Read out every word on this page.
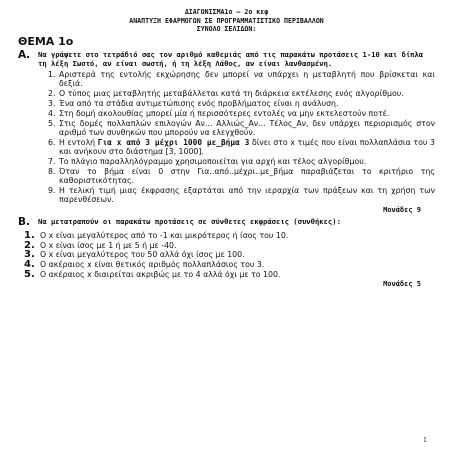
ΔΙΑΓΩΝΙΣΜΑ1ο – 2ο κεφ
ΑΝΑΠΤΥΞΗ ΕΦΑΡΜΟΓΩΝ ΣΕ ΠΡΟΓΡΑΜΜΑΤΙΣΤΙΚΟ ΠΕΡΙΒΑΛΛΟΝ
ΣΥΝΟΛΟ ΣΕΛΙΔΩΝ:
ΘΕΜΑ 1ο
Α.	Να γράψετε στο τετράδιό σας τον αριθμό καθεμιάς από τις παρακάτω προτάσεις 1-10 και δίπλα τη λέξη Σωστό, αν είναι σωστή, ή τη λέξη Λάθος, αν είναι λανθασμένη.
1. Αριστερά της εντολής εκχώρησης δεν μπορεί να υπάρχει η μεταβλητή που βρίσκεται και δεξιά.
2. Ο τύπος μιας μεταβλητής μεταβάλλεται κατά τη διάρκεια εκτέλεσης ενός αλγορίθμου.
3. Ένα από τα στάδια αντιμετώπισης ενός προβλήματος είναι η ανάλυση.
4. Στη δομή ακολουθίας μπορεί μία ή περισσότερες εντολές να μην εκτελεστούν ποτέ.
5. Στις δομές πολλαπλών επιλογών Αν... Αλλιώς_Αν... Τέλος_Αν, δεν υπάρχει περιορισμός στον αριθμό των συνθηκών που μπορούν να ελεγχθούν.
6. Η εντολή Για x από 3 μέχρι 1000 με_βήμα 3 δίνει στο x τιμές που είναι πολλαπλάσια του 3 και ανήκουν στο διάστημα [3, 1000].
7. Το πλάγιο παραλληλόγραμμο χρησιμοποιείται για αρχή και τέλος αλγορίθμου.
8. Όταν το βήμα είναι 0 στην Για..από..μέχρι..με_βήμα παραβιάζεται το κριτήριο της καθοριστικότητας.
9. Η τελική τιμή μιας έκφρασης εξαρτάται από την ιεραρχία των πράξεων και τη χρήση των παρενθέσεων.
Μονάδες 9
Β.	Να μετατραπούν οι παρακάτω προτάσεις σε σύνθετες εκφράσεις (συνθήκες):
1. Ο x είναι μεγαλύτερος από το -1 και μικρότερος ή ίσος του 10.
2. Ο x είναι ίσος με 1 ή με 5 ή με -40.
3. Ο x είναι μεγαλύτερος του 50 αλλά όχι ίσος με 100.
4. Ο ακέραιος x είναι θετικός αριθμός πολλαπλάσιος του 3.
5. Ο ακέραιος x διαιρείται ακριβώς με το 4 αλλά όχι με το 100.
Μονάδες 5
1
